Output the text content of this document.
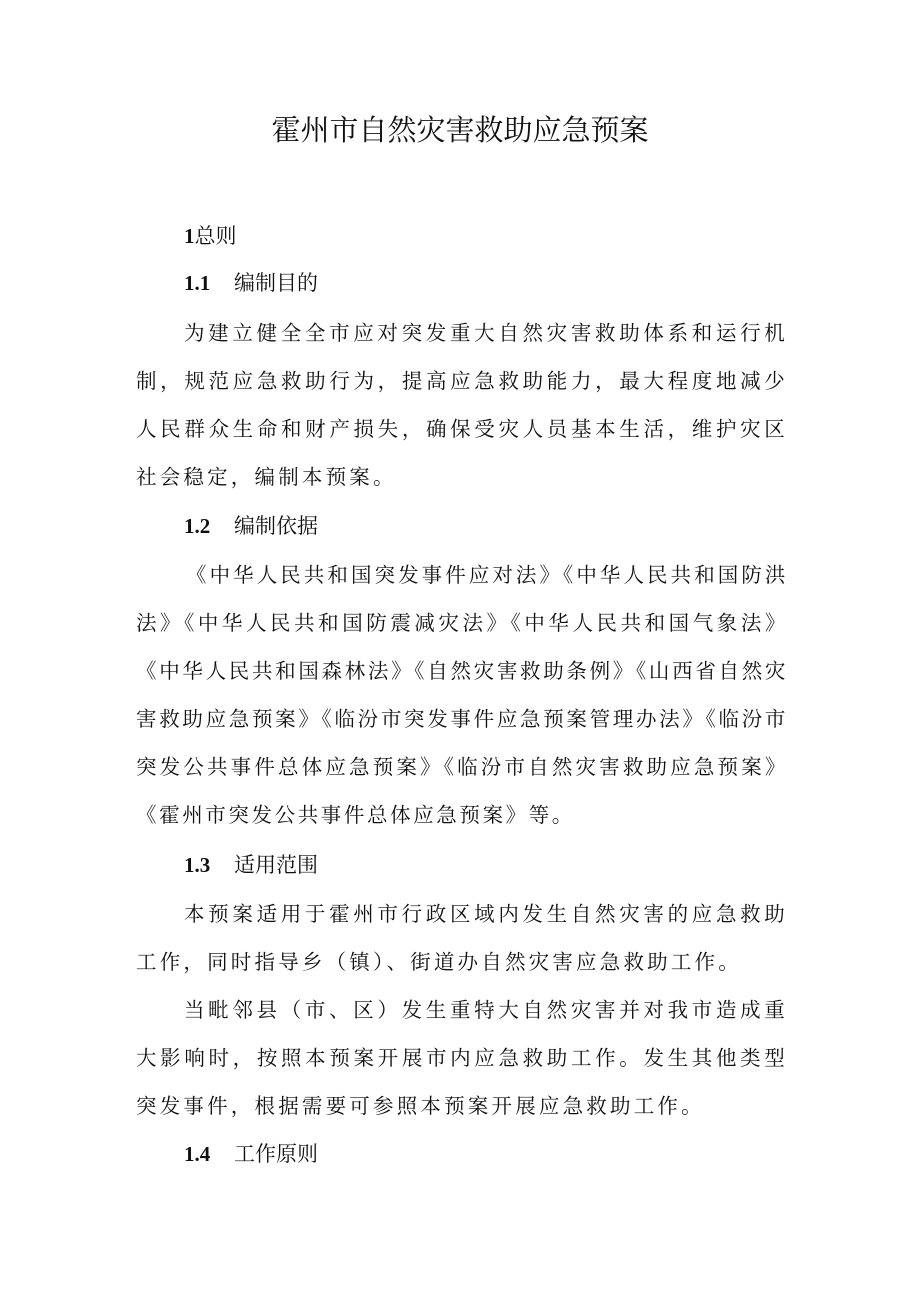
霍州市自然灾害救助应急预案
1总则
1.1 编制目的

为建立健全全市应对突发重大自然灾害救助体系和运行机制，规范应急救助行为，提高应急救助能力，最大程度地减少人民群众生命和财产损失，确保受灾人员基本生活，维护灾区社会稳定，编制本预案。

1.2 编制依据

《中华人民共和国突发事件应对法》《中华人民共和国防洪法》《中华人民共和国防震减灾法》《中华人民共和国气象法》《中华人民共和国森林法》《自然灾害救助条例》《山西省自然灾害救助应急预案》《临汾市突发事件应急预案管理办法》《临汾市突发公共事件总体应急预案》《临汾市自然灾害救助应急预案》《霍州市突发公共事件总体应急预案》等。

1.3 适用范围

本预案适用于霍州市行政区域内发生自然灾害的应急救助工作，同时指导乡（镇）、街道办自然灾害应急救助工作。

当毗邻县（市、区）发生重特大自然灾害并对我市造成重大影响时，按照本预案开展市内应急救助工作。发生其他类型突发事件，根据需要可参照本预案开展应急救助工作。

1.4 工作原则
